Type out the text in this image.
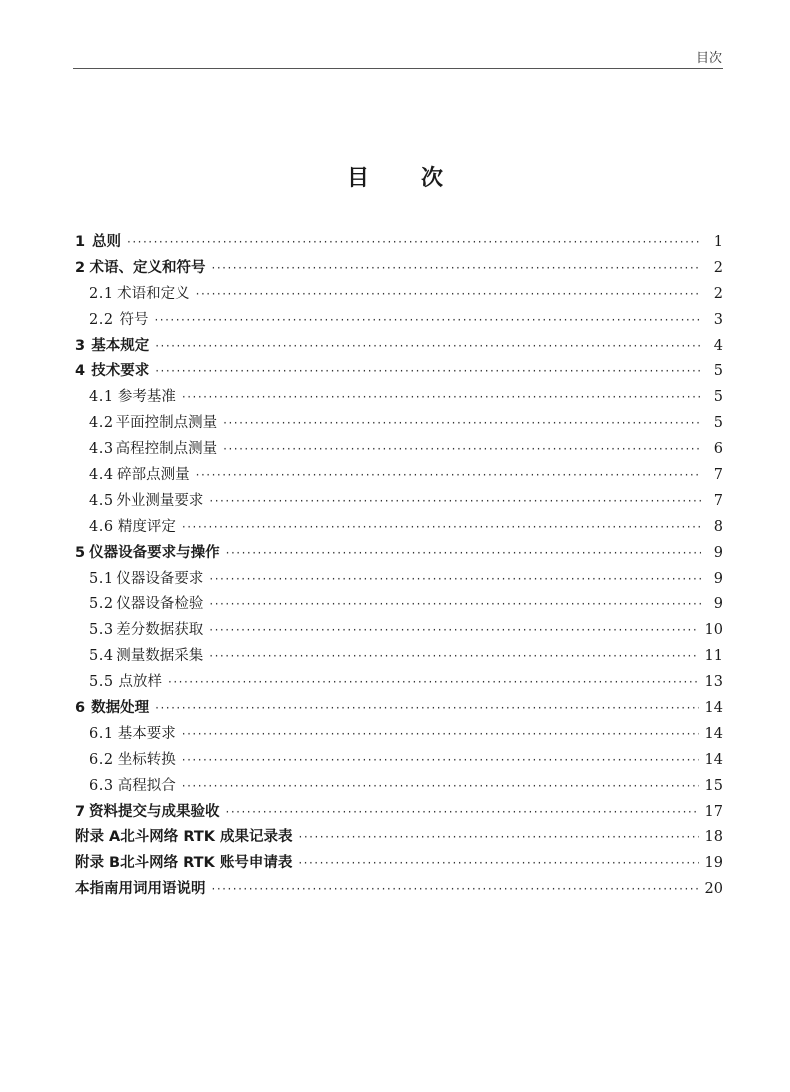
目次
目次
1 总则 ·····	1
2 术语、定义和符号 ·····	2
2.1 术语和定义 ·····	2
2.2 符号 ·····	3
3 基本规定 ·····	4
4 技术要求 ·····	5
4.1 参考基准 ·····	5
4.2 平面控制点测量 ·····	5
4.3 高程控制点测量 ·····	6
4.4 碎部点测量 ·····	7
4.5 外业测量要求 ·····	7
4.6 精度评定 ·····	8
5 仪器设备要求与操作 ·····	9
5.1 仪器设备要求 ·····	9
5.2 仪器设备检验 ·····	9
5.3 差分数据获取 ·····	10
5.4 测量数据采集 ·····	11
5.5 点放样 ·····	13
6 数据处理 ·····	14
6.1 基本要求 ·····	14
6.2 坐标转换 ·····	14
6.3 高程拟合 ·····	15
7 资料提交与成果验收 ·····	17
附录 A 北斗网络 RTK 成果记录表 ·····	18
附录 B 北斗网络 RTK 账号申请表 ·····	19
本指南用词用语说明 ·····	20
